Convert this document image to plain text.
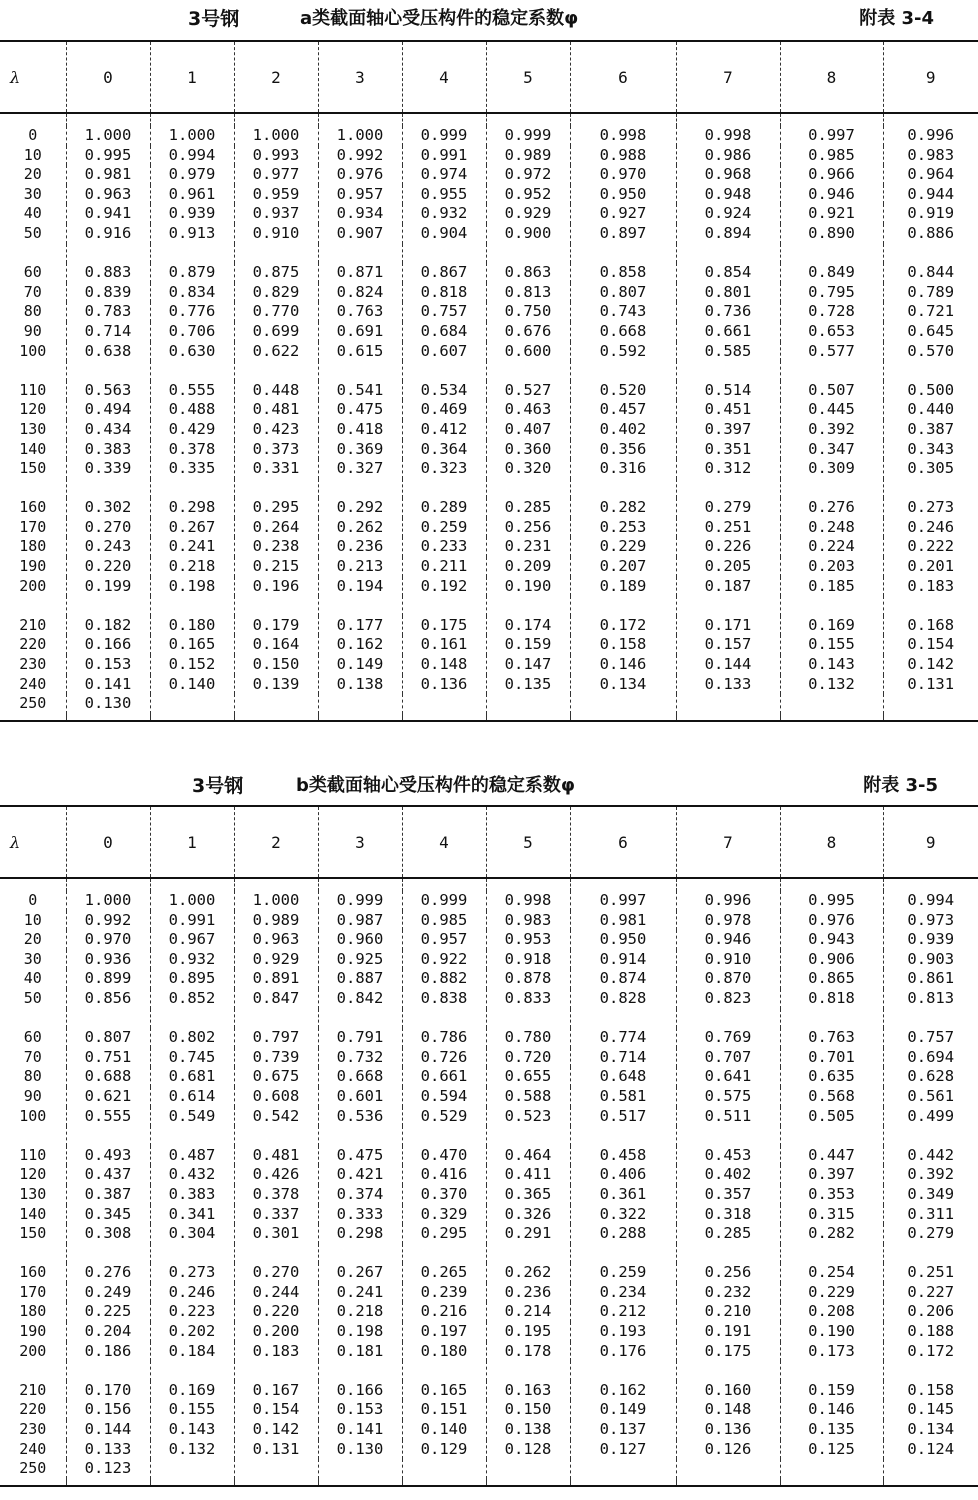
3号钢	a类截面轴心受压构件的稳定系数φ	附表 3-4
λ	0	1	2	3	4	5	6	7	8	9

0	1.000	1.000	1.000	1.000	0.999	0.999	0.998	0.998	0.997	0.996
10	0.995	0.994	0.993	0.992	0.991	0.989	0.988	0.986	0.985	0.983
20	0.981	0.979	0.977	0.976	0.974	0.972	0.970	0.968	0.966	0.964
30	0.963	0.961	0.959	0.957	0.955	0.952	0.950	0.948	0.946	0.944
40	0.941	0.939	0.937	0.934	0.932	0.929	0.927	0.924	0.921	0.919
50	0.916	0.913	0.910	0.907	0.904	0.900	0.897	0.894	0.890	0.886

60	0.883	0.879	0.875	0.871	0.867	0.863	0.858	0.854	0.849	0.844
70	0.839	0.834	0.829	0.824	0.818	0.813	0.807	0.801	0.795	0.789
80	0.783	0.776	0.770	0.763	0.757	0.750	0.743	0.736	0.728	0.721
90	0.714	0.706	0.699	0.691	0.684	0.676	0.668	0.661	0.653	0.645
100	0.638	0.630	0.622	0.615	0.607	0.600	0.592	0.585	0.577	0.570

110	0.563	0.555	0.448	0.541	0.534	0.527	0.520	0.514	0.507	0.500
120	0.494	0.488	0.481	0.475	0.469	0.463	0.457	0.451	0.445	0.440
130	0.434	0.429	0.423	0.418	0.412	0.407	0.402	0.397	0.392	0.387
140	0.383	0.378	0.373	0.369	0.364	0.360	0.356	0.351	0.347	0.343
150	0.339	0.335	0.331	0.327	0.323	0.320	0.316	0.312	0.309	0.305

160	0.302	0.298	0.295	0.292	0.289	0.285	0.282	0.279	0.276	0.273
170	0.270	0.267	0.264	0.262	0.259	0.256	0.253	0.251	0.248	0.246
180	0.243	0.241	0.238	0.236	0.233	0.231	0.229	0.226	0.224	0.222
190	0.220	0.218	0.215	0.213	0.211	0.209	0.207	0.205	0.203	0.201
200	0.199	0.198	0.196	0.194	0.192	0.190	0.189	0.187	0.185	0.183

210	0.182	0.180	0.179	0.177	0.175	0.174	0.172	0.171	0.169	0.168
220	0.166	0.165	0.164	0.162	0.161	0.159	0.158	0.157	0.155	0.154
230	0.153	0.152	0.150	0.149	0.148	0.147	0.146	0.144	0.143	0.142
240	0.141	0.140	0.139	0.138	0.136	0.135	0.134	0.133	0.132	0.131
250	0.130									

3号钢	b类截面轴心受压构件的稳定系数φ	附表 3-5
λ	0	1	2	3	4	5	6	7	8	9

0	1.000	1.000	1.000	0.999	0.999	0.998	0.997	0.996	0.995	0.994
10	0.992	0.991	0.989	0.987	0.985	0.983	0.981	0.978	0.976	0.973
20	0.970	0.967	0.963	0.960	0.957	0.953	0.950	0.946	0.943	0.939
30	0.936	0.932	0.929	0.925	0.922	0.918	0.914	0.910	0.906	0.903
40	0.899	0.895	0.891	0.887	0.882	0.878	0.874	0.870	0.865	0.861
50	0.856	0.852	0.847	0.842	0.838	0.833	0.828	0.823	0.818	0.813

60	0.807	0.802	0.797	0.791	0.786	0.780	0.774	0.769	0.763	0.757
70	0.751	0.745	0.739	0.732	0.726	0.720	0.714	0.707	0.701	0.694
80	0.688	0.681	0.675	0.668	0.661	0.655	0.648	0.641	0.635	0.628
90	0.621	0.614	0.608	0.601	0.594	0.588	0.581	0.575	0.568	0.561
100	0.555	0.549	0.542	0.536	0.529	0.523	0.517	0.511	0.505	0.499

110	0.493	0.487	0.481	0.475	0.470	0.464	0.458	0.453	0.447	0.442
120	0.437	0.432	0.426	0.421	0.416	0.411	0.406	0.402	0.397	0.392
130	0.387	0.383	0.378	0.374	0.370	0.365	0.361	0.357	0.353	0.349
140	0.345	0.341	0.337	0.333	0.329	0.326	0.322	0.318	0.315	0.311
150	0.308	0.304	0.301	0.298	0.295	0.291	0.288	0.285	0.282	0.279

160	0.276	0.273	0.270	0.267	0.265	0.262	0.259	0.256	0.254	0.251
170	0.249	0.246	0.244	0.241	0.239	0.236	0.234	0.232	0.229	0.227
180	0.225	0.223	0.220	0.218	0.216	0.214	0.212	0.210	0.208	0.206
190	0.204	0.202	0.200	0.198	0.197	0.195	0.193	0.191	0.190	0.188
200	0.186	0.184	0.183	0.181	0.180	0.178	0.176	0.175	0.173	0.172

210	0.170	0.169	0.167	0.166	0.165	0.163	0.162	0.160	0.159	0.158
220	0.156	0.155	0.154	0.153	0.151	0.150	0.149	0.148	0.146	0.145
230	0.144	0.143	0.142	0.141	0.140	0.138	0.137	0.136	0.135	0.134
240	0.133	0.132	0.131	0.130	0.129	0.128	0.127	0.126	0.125	0.124
250	0.123									
